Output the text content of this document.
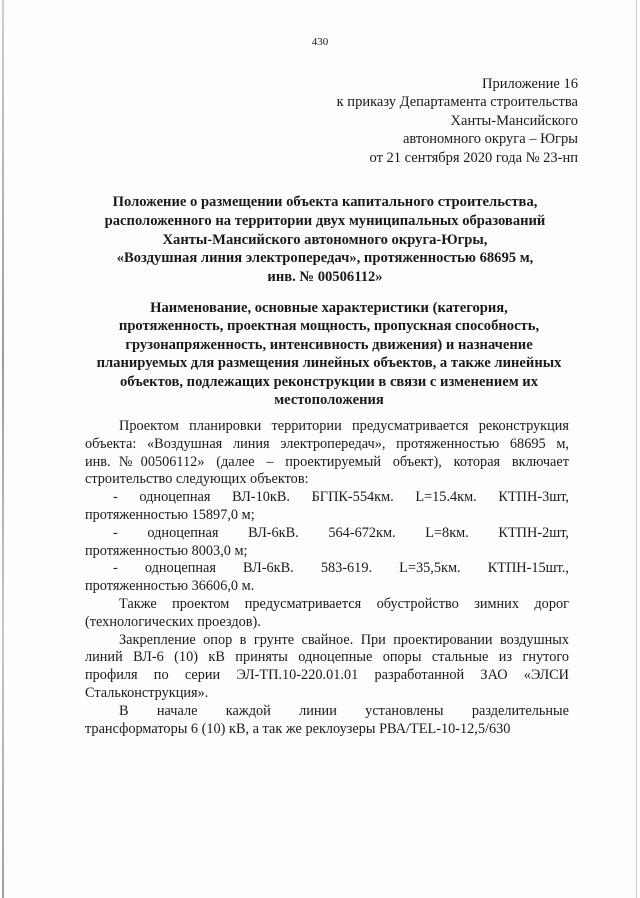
430
Приложение 16
к приказу Департамента строительства
Ханты-Мансийского
автономного округа – Югры
от 21 сентября 2020 года № 23-нп
Положение о размещении объекта капитального строительства,
расположенного на территории двух муниципальных образований
Ханты-Мансийского автономного округа-Югры,
«Воздушная линия электропередач», протяженностью 68695 м,
инв. № 00506112»
Наименование, основные характеристики (категория,
протяженность, проектная мощность, пропускная способность,
грузонапряженность, интенсивность движения) и назначение
планируемых для размещения линейных объектов, а также линейных
объектов, подлежащих реконструкции в связи с изменением их
местоположения
Проектом планировки территории предусматривается реконструкция
объекта: «Воздушная линия электропередач», протяженностью 68695 м,
инв.№00506112» (далее – проектируемый объект), которая включает
строительство следующих объектов:
- одноцепная ВЛ-10кВ. БГПК-554км. L=15.4км. КТПН-3шт,
протяженностью 15897,0 м;
- одноцепная ВЛ-6кВ. 564-672км. L=8км. КТПН-2шт,
протяженностью 8003,0 м;
- одноцепная ВЛ-6кВ. 583-619. L=35,5км. КТПН-15шт.,
протяженностью 36606,0 м.
Также проектом предусматривается обустройство зимних дорог
(технологических проездов).
Закрепление опор в грунте свайное. При проектировании воздушных
линий ВЛ-6 (10) кВ приняты одноцепные опоры стальные из гнутого
профиля по серии ЭЛ-ТП.10-220.01.01 разработанной ЗАО «ЭЛСИ
Стальконструкция».
В начале каждой линии установлены разделительные
трансформаторы 6 (10) кВ, а так же реклоузеры РВА/TEL-10-12,5/630
